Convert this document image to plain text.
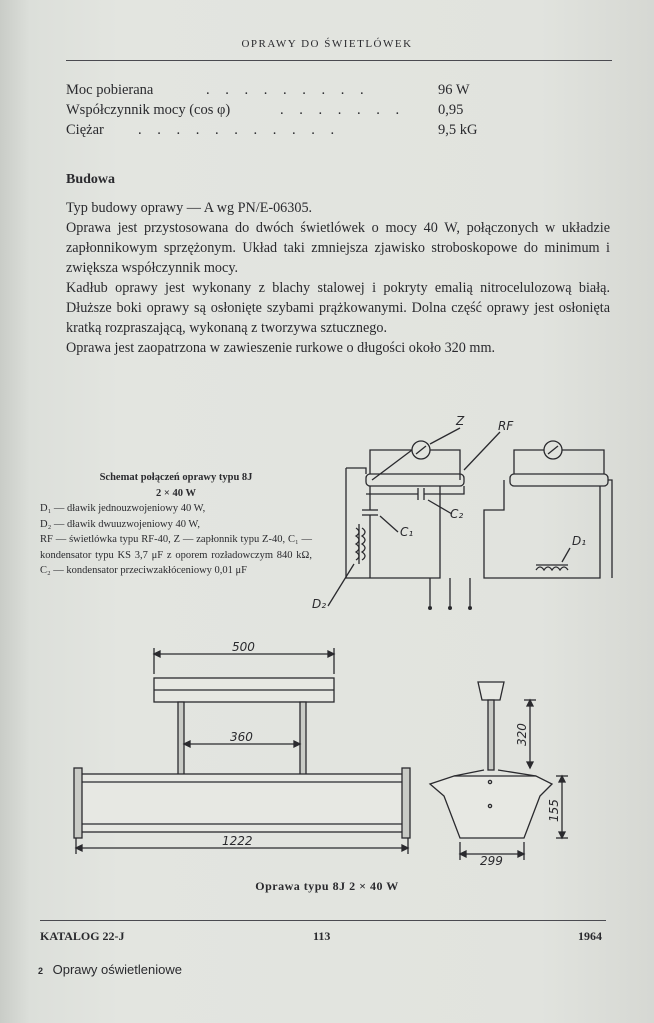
OPRAWY DO ŚWIETLÓWEK
Moc pobierana	. . . . . . . . .	96 W
Współczynnik mocy (cos φ)	. . . . . . . 0,95
Ciężar . . . . . . . . . . .	9,5 kG
Budowa

Typ budowy oprawy — A wg PN/E-06305.

Oprawa jest przystosowana do dwóch świetlówek o mocy 40 W, połączonych w układzie zapłonnikowym sprzężonym. Układ taki zmniejsza zjawisko stroboskopowe do minimum i zwiększa współczynnik mocy.

Kadłub oprawy jest wykonany z blachy stalowej i pokryty emalią nitrocelulozową białą. Dłuższe boki oprawy są osłonięte szybami prążkowanymi. Dolna część oprawy jest osłonięta kratką rozpraszającą, wykonaną z tworzywa sztucznego.

Oprawa jest zaopatrzona w zawieszenie rurkowe o długości około 320 mm.

Schemat połączeń oprawy typu 8J
2 × 40 W
D₁ — dławik jednouzwojeniowy 40 W,
D₂ — dławik dwuuzwojeniowy 40 W,
RF — świetlówka typu RF-40, Z — zapłonnik typu Z-40, C₁ — kondensator typu KS 3,7 μF z oporem rozładowczym 840 kΩ, C₂ — kondensator przeciwzakłóceniowy 0,01 μF
Z	RF
C₁
C₂
D₁
D₂
500
360
1222
320
155
299
Oprawa typu 8J 2 × 40 W
KATALOG 22-J	113	1964
2 Oprawy oświetleniowe
